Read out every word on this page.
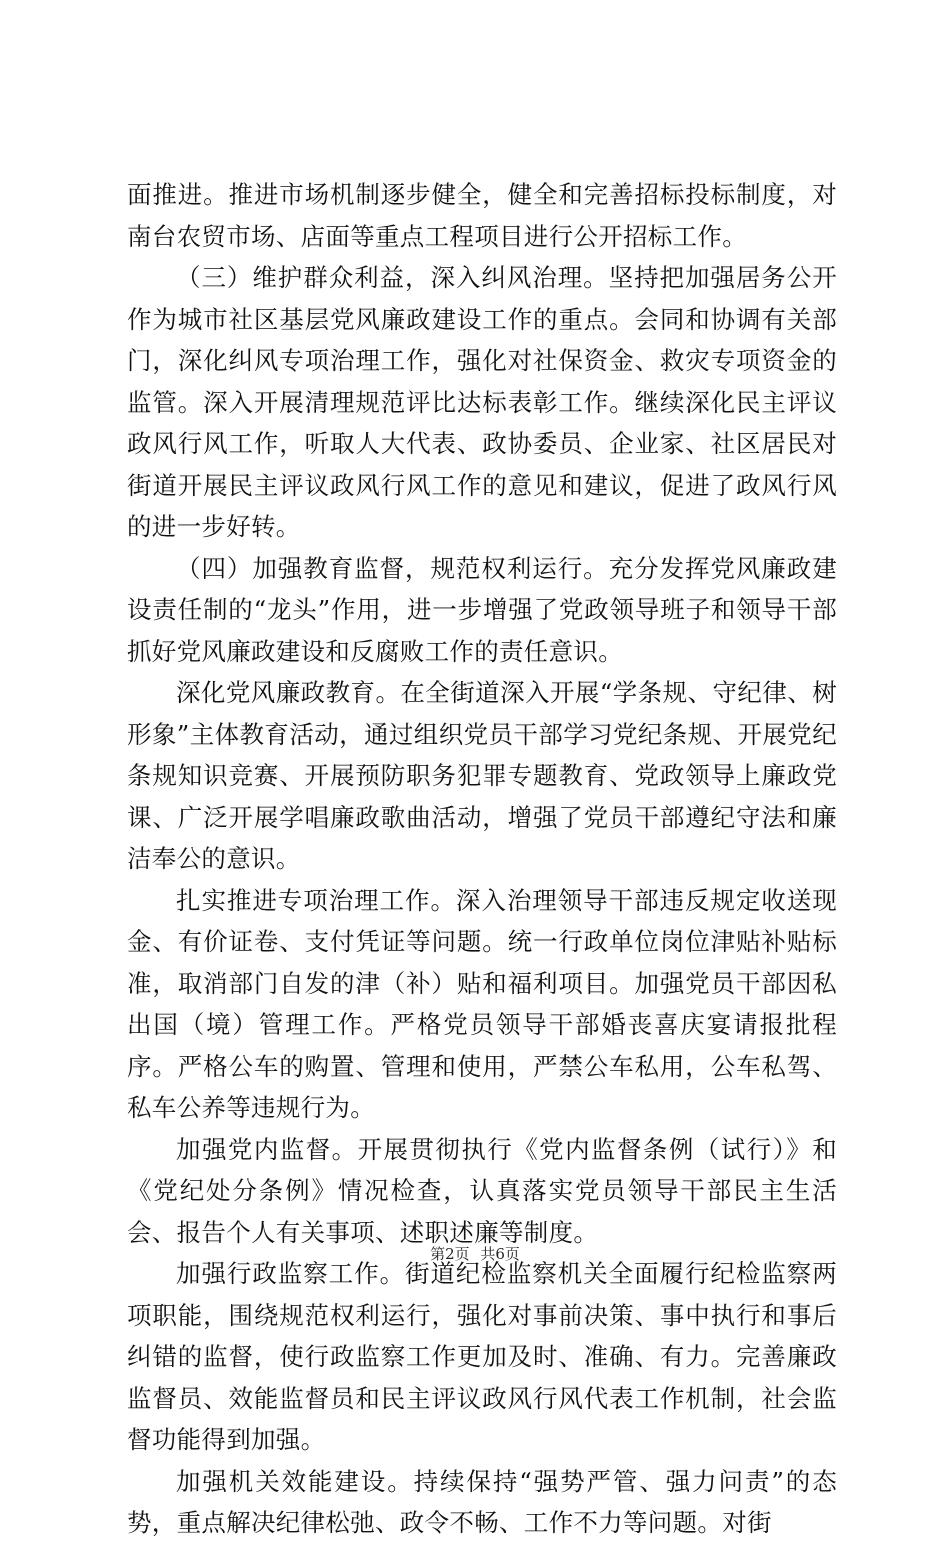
面推进。推进市场机制逐步健全，健全和完善招标投标制度，对南台农贸市场、店面等重点工程项目进行公开招标工作。

（三）维护群众利益，深入纠风治理。坚持把加强居务公开作为城市社区基层党风廉政建设工作的重点。会同和协调有关部门，深化纠风专项治理工作，强化对社保资金、救灾专项资金的监管。深入开展清理规范评比达标表彰工作。继续深化民主评议政风行风工作，听取人大代表、政协委员、企业家、社区居民对街道开展民主评议政风行风工作的意见和建议，促进了政风行风的进一步好转。

（四）加强教育监督，规范权利运行。充分发挥党风廉政建设责任制的“龙头”作用，进一步增强了党政领导班子和领导干部抓好党风廉政建设和反腐败工作的责任意识。

深化党风廉政教育。在全街道深入开展“学条规、守纪律、树形象”主体教育活动，通过组织党员干部学习党纪条规、开展党纪条规知识竞赛、开展预防职务犯罪专题教育、党政领导上廉政党课、广泛开展学唱廉政歌曲活动，增强了党员干部遵纪守法和廉洁奉公的意识。

扎实推进专项治理工作。深入治理领导干部违反规定收送现金、有价证卷、支付凭证等问题。统一行政单位岗位津贴补贴标准，取消部门自发的津（补）贴和福利项目。加强党员干部因私出国（境）管理工作。严格党员领导干部婚丧喜庆宴请报批程序。严格公车的购置、管理和使用，严禁公车私用，公车私驾、私车公养等违规行为。

加强党内监督。开展贯彻执行《党内监督条例（试行）》和《党纪处分条例》情况检查，认真落实党员领导干部民主生活会、报告个人有关事项、述职述廉等制度。

加强行政监察工作。街道纪检监察机关全面履行纪检监察两项职能，围绕规范权利运行，强化对事前决策、事中执行和事后纠错的监督，使行政监察工作更加及时、准确、有力。完善廉政监督员、效能监督员和民主评议政风行风代表工作机制，社会监督功能得到加强。

加强机关效能建设。持续保持“强势严管、强力问责”的态势，重点解决纪律松弛、政令不畅、工作不力等问题。对街

第2页 共6页
